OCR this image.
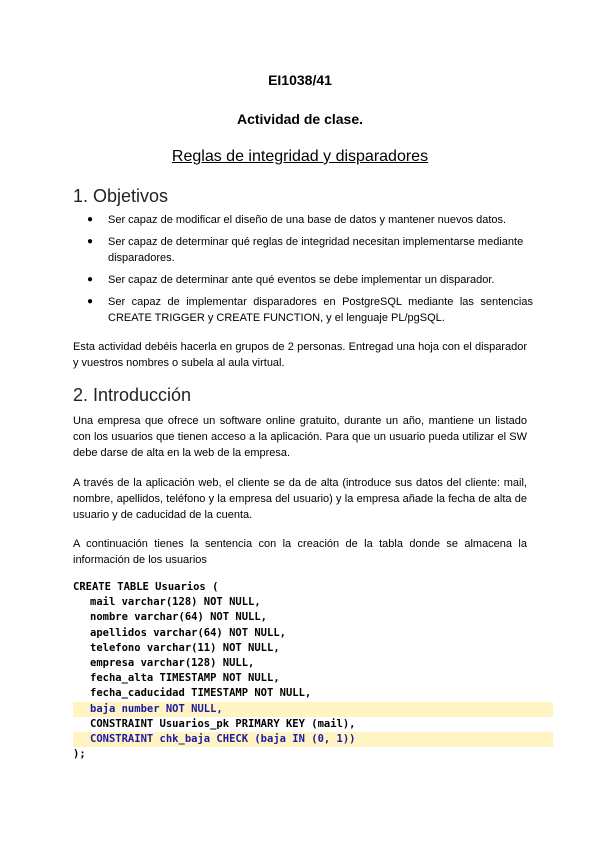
EI1038/41
Actividad de clase.
Reglas de integridad y disparadores
1. Objetivos
● Ser capaz de modificar el diseño de una base de datos y mantener nuevos datos.
● Ser capaz de determinar qué reglas de integridad necesitan implementarse mediante disparadores.
● Ser capaz de determinar ante qué eventos se debe implementar un disparador.
● Ser capaz de implementar disparadores en PostgreSQL mediante las sentencias CREATE TRIGGER y CREATE FUNCTION, y el lenguaje PL/pgSQL.
Esta actividad debéis hacerla en grupos de 2 personas. Entregad una hoja con el disparador y vuestros nombres o subela al aula virtual.
2. Introducción
Una empresa que ofrece un software online gratuito, durante un año, mantiene un listado con los usuarios que tienen acceso a la aplicación. Para que un usuario pueda utilizar el SW debe darse de alta en la web de la empresa.
A través de la aplicación web, el cliente se da de alta (introduce sus datos del cliente: mail, nombre, apellidos, teléfono y la empresa del usuario) y la empresa añade la fecha de alta de usuario y de caducidad de la cuenta.
A continuación tienes la sentencia con la creación de la tabla donde se almacena la información de los usuarios
CREATE TABLE Usuarios (
mail varchar(128) NOT NULL,
nombre varchar(64) NOT NULL,
apellidos varchar(64) NOT NULL,
telefono varchar(11) NOT NULL,
empresa varchar(128) NULL,
fecha_alta TIMESTAMP NOT NULL,
fecha_caducidad TIMESTAMP NOT NULL,
baja number NOT NULL,
CONSTRAINT Usuarios_pk PRIMARY KEY (mail),
CONSTRAINT chk_baja CHECK (baja IN (0, 1))
);
